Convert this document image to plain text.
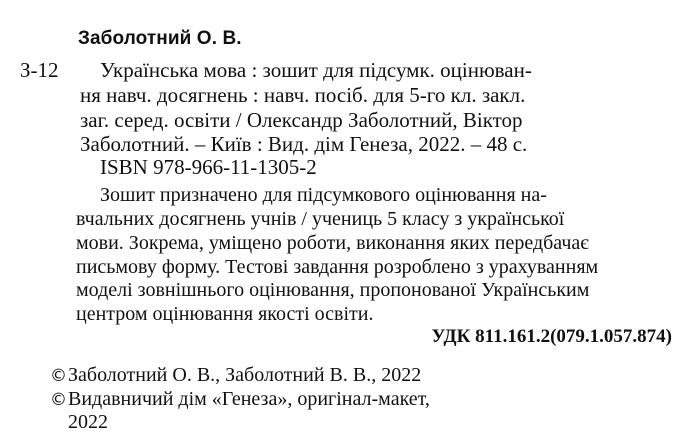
Заболотний О. В.
З-12 Українська мова : зошит для підсумк. оцінюван-
ня навч. досягнень : навч. посіб. для 5-го кл. закл.
заг. серед. освіти / Олександр Заболотний, Віктор
Заболотний. – Київ : Вид. дім Генеза, 2022. – 48 с.
ISBN 978-966-11-1305-2
Зошит призначено для підсумкового оцінювання на-
вчальних досягнень учнів / учениць 5 класу з української
мови. Зокрема, уміщено роботи, виконання яких передбачає
письмову форму. Тестові завдання розроблено з урахуванням
моделі зовнішнього оцінювання, пропонованої Українським
центром оцінювання якості освіти.
УДК 811.161.2(079.1.057.874)
©Заболотний О. В., Заболотний В. В., 2022
©Видавничий дім «Генеза», оригінал-макет,
2022
